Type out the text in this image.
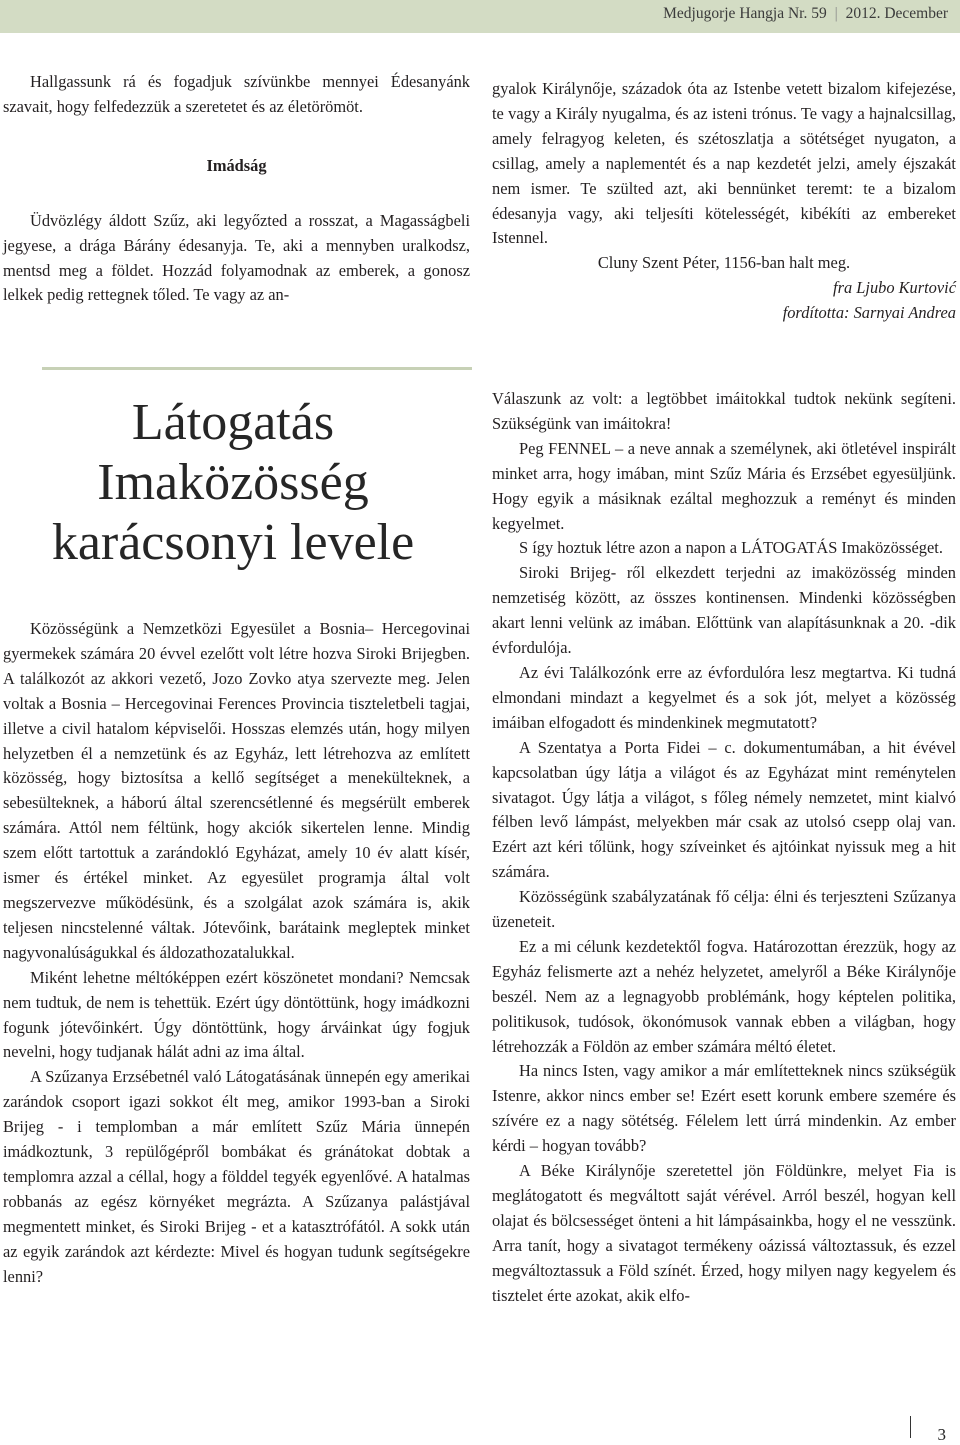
Medjugorje Hangja Nr. 59 | 2012. December

Hallgassunk rá és fogadjuk szívünkbe mennyei Édesanyánk szavait, hogy felfedezzük a szeretetet és az életörömöt.

Imádság

Üdvözlégy áldott Szűz, aki legyőzted a rosszat, a Magasságbeli jegyese, a drága Bárány édesanyja. Te, aki a mennyben uralkodsz, mentsd meg a földet. Hozzád folyamodnak az emberek, a gonosz lelkek pedig rettegnek tőled. Te vagy az an-

gyalok Királynője, századok óta az Istenbe vetett bizalom kifejezése, te vagy a Király nyugalma, és az isteni trónus. Te vagy a hajnalcsillag, amely felragyog keleten, és szétoszlatja a sötétséget nyugaton, a csillag, amely a naplementét és a nap kezdetét jelzi, amely éjszakát nem ismer. Te szülted azt, aki bennünket teremt: te a bizalom édesanyja vagy, aki teljesíti kötelességét, kibékíti az embereket Istennel.

Cluny Szent Péter, 1156-ban halt meg.

fra Ljubo Kurtović

fordította: Sarnyai Andrea

Látogatás
Imaközösség
karácsonyi levele

Közösségünk a Nemzetközi Egyesület a Bosnia– Hercegovinai gyermekek számára 20 évvel ezelőtt volt létre hozva Siroki Brijegben. A találkozót az akkori vezető, Jozo Zovko atya szervezte meg. Jelen voltak a Bosnia – Hercegovinai Ferences Provincia tiszteletbeli tagjai, illetve a civil hatalom képviselői. Hosszas elemzés után, hogy milyen helyzetben él a nemzetünk és az Egyház, lett létrehozva az említett közösség, hogy biztosítsa a kellő segítséget a menekülteknek, a sebesülteknek, a háború által szerencsétlenné és megsérült emberek számára. Attól nem féltünk, hogy akciók sikertelen lenne. Mindig szem előtt tartottuk a zarándokló Egyházat, amely 10 év alatt kísér, ismer és értékel minket. Az egyesület programja által volt megszervezve működésünk, és a szolgálat azok számára is, akik teljesen nincstelenné váltak. Jótevőink, barátaink megleptek minket nagyvonalúságukkal és áldozathozatalukkal.

Miként lehetne méltóképpen ezért köszönetet mondani? Nemcsak nem tudtuk, de nem is tehettük. Ezért úgy döntöttünk, hogy imádkozni fogunk jótevőinkért. Úgy döntöttünk, hogy árváinkat úgy fogjuk nevelni, hogy tudjanak hálát adni az ima által.

A Szűzanya Erzsébetnél való Látogatásának ünnepén egy amerikai zarándok csoport igazi sokkot élt meg, amikor 1993-ban a Siroki Brijeg - i templomban a már említett Szűz Mária ünnepén imádkoztunk, 3 repülőgépről bombákat és gránátokat dobtak a templomra azzal a céllal, hogy a földdel tegyék egyenlővé. A hatalmas robbanás az egész környéket megrázta. A Szűzanya palástjával megmentett minket, és Siroki Brijeg - et a katasztrófától. A sokk után az egyik zarándok azt kérdezte: Mivel és hogyan tudunk segítségekre lenni?

Válaszunk az volt: a legtöbbet imáitokkal tudtok nekünk segíteni. Szükségünk van imáitokra!

Peg FENNEL – a neve annak a személynek, aki ötletével inspirált minket arra, hogy imában, mint Szűz Mária és Erzsébet egyesüljünk. Hogy egyik a másiknak ezáltal meghozzuk a reményt és minden kegyelmet.

S így hoztuk létre azon a napon a LÁTOGATÁS Imaközösséget.

Siroki Brijeg- ről elkezdett terjedni az imaközösség minden nemzetiség között, az összes kontinensen. Mindenki közösségben akart lenni velünk az imában. Előttünk van alapításunknak a 20. -dik évfordulója.

Az évi Találkozónk erre az évfordulóra lesz megtartva. Ki tudná elmondani mindazt a kegyelmet és a sok jót, melyet a közösség imáiban elfogadott és mindenkinek megmutatott?

A Szentatya a Porta Fidei – c. dokumentumában, a hit évével kapcsolatban úgy látja a világot és az Egyházat mint reménytelen sivatagot. Úgy látja a világot, s főleg némely nemzetet, mint kialvó félben levő lámpást, melyekben már csak az utolsó csepp olaj van. Ezért azt kéri tőlünk, hogy szíveinket és ajtóinkat nyissuk meg a hit számára.

Közösségünk szabályzatának fő célja: élni és terjeszteni Szűzanya üzeneteit.

Ez a mi célunk kezdetektől fogva. Határozottan érezzük, hogy az Egyház felismerte azt a nehéz helyzetet, amelyről a Béke Királynője beszél. Nem az a legnagyobb problémánk, hogy képtelen politika, politikusok, tudósok, ökonómusok vannak ebben a világban, hogy létrehozzák a Földön az ember számára méltó életet.

Ha nincs Isten, vagy amikor a már említetteknek nincs szükségük Istenre, akkor nincs ember se! Ezért esett korunk embere szemére és szívére ez a nagy sötétség. Félelem lett úrrá mindenkin. Az ember kérdi – hogyan tovább?

A Béke Királynője szeretettel jön Földünkre, melyet Fia is meglátogatott és megváltott saját vérével. Arról beszél, hogyan kell olajat és bölcsességet önteni a hit lámpásainkba, hogy el ne vesszünk. Arra tanít, hogy a sivatagot termékeny oázissá változtassuk, és ezzel megváltoztassuk a Föld színét. Érzed, hogy milyen nagy kegyelem és tisztelet érte azokat, akik elfo-

3
